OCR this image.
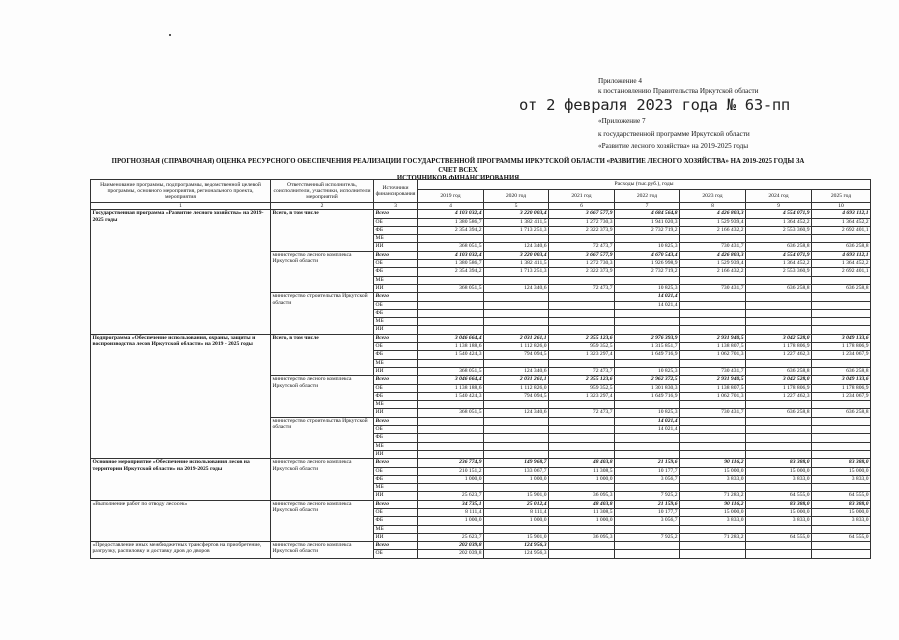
Приложение 4
к постановлению Правительства Иркутской области
от 2 февраля 2023 года № 63-пп
«Приложение 7
к государственной программе Иркутской области
«Развитие лесного хозяйства» на 2019-2025 годы
ПРОГНОЗНАЯ (СПРАВОЧНАЯ) ОЦЕНКА РЕСУРСНОГО ОБЕСПЕЧЕНИЯ РЕАЛИЗАЦИИ ГОСУДАРСТВЕННОЙ ПРОГРАММЫ ИРКУТСКОЙ ОБЛАСТИ «РАЗВИТИЕ ЛЕСНОГО ХОЗЯЙСТВА» НА 2019-2025 ГОДЫ ЗА СЧЕТ ВСЕХ
ИСТОЧНИКОВ ФИНАНСИРОВАНИЯ
Наименование программы, подпрограммы, ведомственной целевой программы, основного мероприятия, регионального проекта, мероприятия	Ответственный исполнитель, соисполнители, участники, исполнители мероприятий	Источники финансирования	Расходы (тыс.руб.), годы						
			2019 год	2020 год	2021 год	2022 год	2023 год	2024 год	2025 год
1	2	3	4	5	6	7	8	9	10
Государственная программа «Развитие лесного хозяйства» на 2019-2025 годы	Всего, в том числе	Всего	4 103 032,4	3 220 003,4	3 667 577,9	4 684 564,8	4 426 803,3	4 554 071,9	4 693 112,1
		ОБ	1 380 586,7	1 382 411,5	1 272 730,3	1 941 020,3	1 529 939,4	1 364 452,2	1 364 452,2
		ФБ	2 354 394,2	1 713 251,3	2 322 373,9	2 732 719,2	2 166 432,2	2 553 360,9	2 692 401,1
		МБ							
		ИИ	368 051,5	124 340,6	72 473,7	10 825,3	730 431,7	636 258,8	636 258,8
	министерство лесного комплекса Иркутской области	Всего	4 103 032,4	3 220 003,4	3 667 577,9	4 670 543,4	4 426 803,3	4 554 071,9	4 693 112,1
		ОБ	1 380 586,7	1 382 411,5	1 272 730,3	1 926 998,9	1 529 939,4	1 364 452,2	1 364 452,2
		ФБ	2 354 394,2	1 713 251,3	2 322 373,9	2 732 719,2	2 166 432,2	2 553 360,9	2 692 401,1
		МБ							
		ИИ	368 051,5	124 340,6	72 473,7	10 825,3	730 431,7	636 258,8	636 258,8
	министерство строительства Иркутской области	Всего				14 021,4			
		ОБ				14 021,4			
		ФБ							
		МБ							
		ИИ							
Подпрограмма «Обеспечение использования, охраны, защиты и воспроизводства лесов Иркутской области» на 2019 - 2025 годы	Всего, в том числе	Всего	3 046 664,4	2 031 261,1	2 355 123,6	2 976 393,9	2 931 940,5	3 042 528,0	3 049 133,6
		ОБ	1 138 188,6	1 112 826,0	959 352,5	1 315 851,7	1 138 807,5	1 178 806,9	1 178 806,9
		ФБ	1 540 424,3	794 094,5	1 323 297,4	1 649 716,9	1 062 701,3	1 227 462,3	1 234 067,9
		МБ							
		ИИ	368 051,5	124 340,6	72 473,7	10 825,3	730 431,7	636 258,8	636 258,8
	министерство лесного комплекса Иркутской области	Всего	3 046 664,4	2 031 261,1	2 355 123,6	2 962 372,5	2 931 940,5	3 042 528,0	3 049 133,6
		ОБ	1 138 188,6	1 112 826,0	959 352,5	1 301 830,3	1 138 807,5	1 178 806,9	1 178 806,9
		ФБ	1 540 424,3	794 094,5	1 323 297,4	1 649 716,9	1 062 701,3	1 227 462,3	1 234 067,9
		МБ							
		ИИ	368 051,5	124 340,6	72 473,7	10 825,3	730 431,7	636 258,8	636 258,8
	министерство строительства Иркутской области	Всего				14 021,4			
		ОБ				14 021,4			
		ФБ							
		МБ							
		ИИ							
Основное мероприятие «Обеспечение использования лесов на территории Иркутской области» на 2019-2025 годы	министерство лесного комплекса Иркутской области	Всего	236 774,9	149 968,7	48 403,8	21 159,6	90 116,2	83 388,0	83 388,0
		ОБ	210 151,2	133 067,7	11 308,5	10 177,7	15 000,0	15 000,0	15 000,0
		ФБ	1 000,0	1 000,0	1 000,0	3 056,7	3 833,0	3 833,0	3 833,0
		МБ							
		ИИ	25 623,7	15 901,0	36 095,3	7 925,2	71 283,2	64 555,0	64 555,0
«Выполнение работ по отводу лесосек»	министерство лесного комплекса Иркутской области	Всего	34 735,1	25 012,4	48 403,8	21 159,6	90 116,2	83 388,0	83 388,0
		ОБ	8 111,4	8 111,4	11 308,5	10 177,7	15 000,0	15 000,0	15 000,0
		ФБ	1 000,0	1 000,0	1 000,0	3 056,7	3 833,0	3 833,0	3 833,0
		МБ							
		ИИ	25 623,7	15 901,0	36 095,3	7 925,2	71 283,2	64 555,0	64 555,0
«Предоставление иных межбюджетных трансфертов на приобретение, разгрузку, распиловку и доставку дров до дворов	министерство лесного комплекса Иркутской области	Всего	202 039,8	124 956,3					
		ОБ	202 039,8	124 956,3					
